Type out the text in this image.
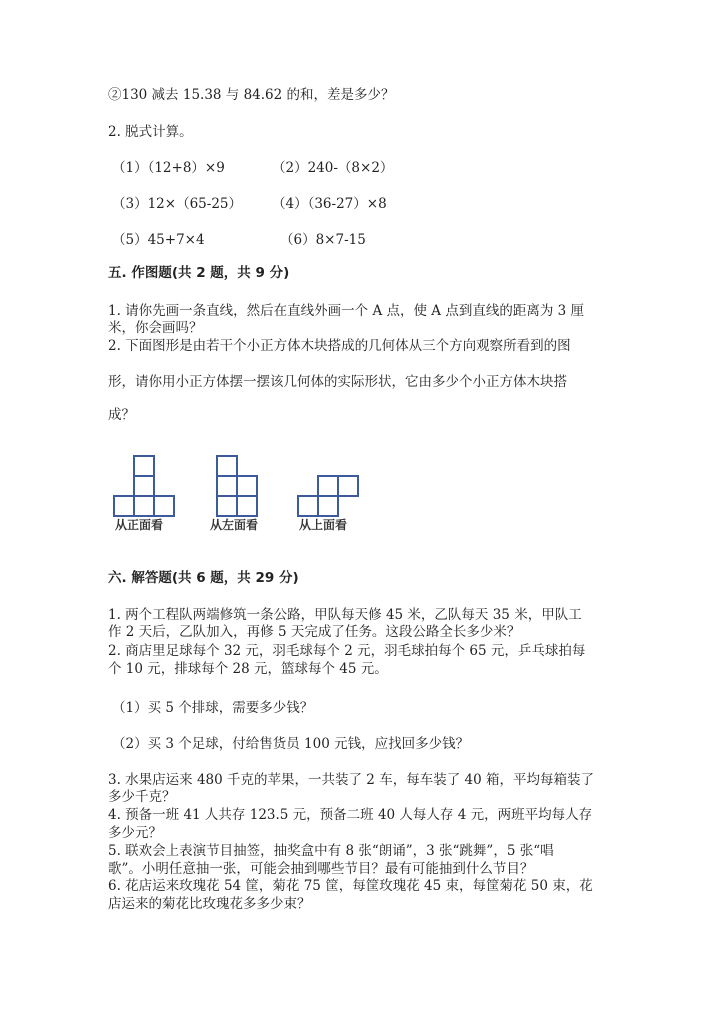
②130 减去 15.38 与 84.62 的和，差是多少？
2. 脱式计算。
（1）（12+8）×9	（2）240-（8×2）
（3）12×（65-25） （4）（36-27）×8
（5）45+7×4	（6）8×7-15
五. 作图题(共 2 题，共 9 分)
1. 请你先画一条直线，然后在直线外画一个 A 点，使 A 点到直线的距离为 3 厘
米，你会画吗？
2. 下面图形是由若干个小正方体木块搭成的几何体从三个方向观察所看到的图
形，请你用小正方体摆一摆该几何体的实际形状，它由多少个小正方体木块搭
成？
从正面看	从左面看	从上面看
六. 解答题(共 6 题，共 29 分)
1. 两个工程队两端修筑一条公路，甲队每天修 45 米，乙队每天 35 米，甲队工
作 2 天后，乙队加入，再修 5 天完成了任务。这段公路全长多少米？
2. 商店里足球每个 32 元，羽毛球每个 2 元，羽毛球拍每个 65 元，乒乓球拍每
个 10 元，排球每个 28 元，篮球每个 45 元。
（1）买 5 个排球，需要多少钱？
（2）买 3 个足球，付给售货员 100 元钱，应找回多少钱？
3. 水果店运来 480 千克的苹果，一共装了 2 车，每车装了 40 箱，平均每箱装了
多少千克？
4. 预备一班 41 人共存 123.5 元，预备二班 40 人每人存 4 元，两班平均每人存
多少元？
5. 联欢会上表演节目抽签，抽奖盒中有 8 张“朗诵”，3 张“跳舞”，5 张“唱
歌”。小明任意抽一张，可能会抽到哪些节目？最有可能抽到什么节目？
6. 花店运来玫瑰花 54 筐，菊花 75 筐，每筐玫瑰花 45 束，每筐菊花 50 束，花
店运来的菊花比玫瑰花多多少束？
